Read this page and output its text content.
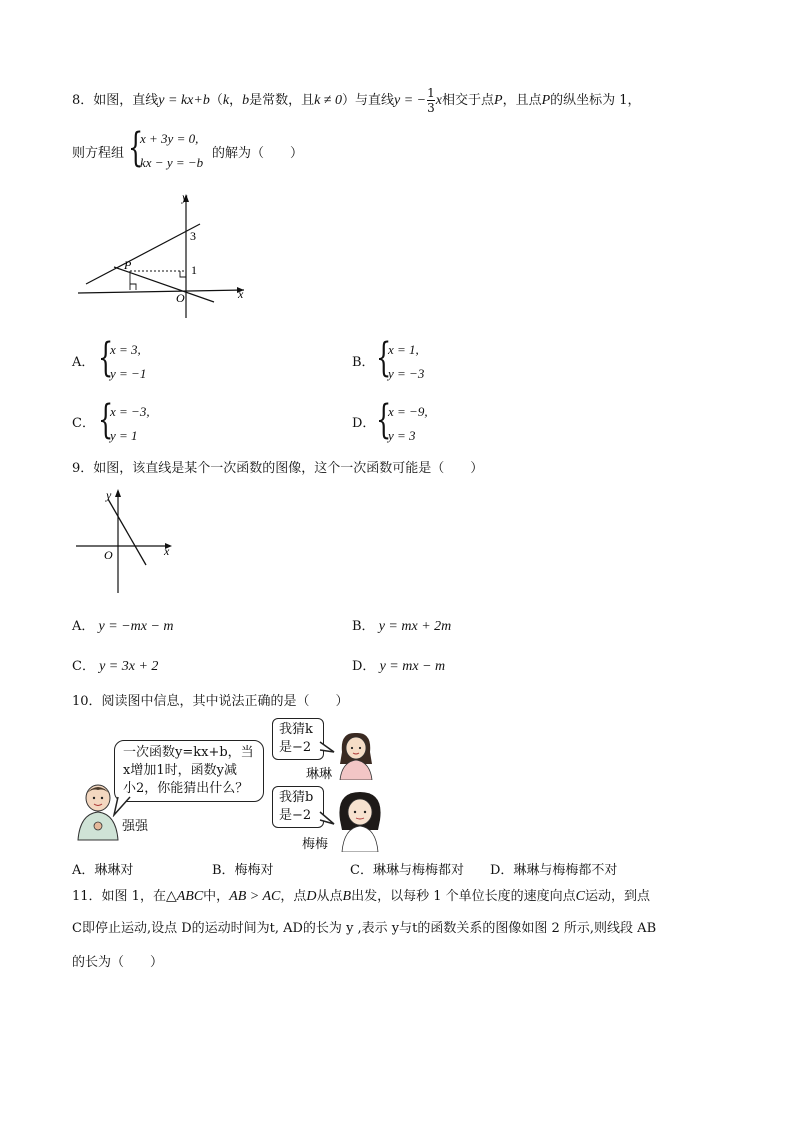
8．如图，直线y = kx+b（k，b是常数，且k ≠ 0）与直线y = − $\frac{1}{3}$ x相交于点P，且点P的纵坐标为 1，
则方程组 {
x + 3y = 0,
kx − y = −b
的解为（　　）
y
x
O
P
3
1
A． {
x = 3,
y = −1
B． {
x = 1,
y = −3
C． {
x = −3,
y = 1
D． {
x = −9,
y = 3
9．如图，该直线是某个一次函数的图像，这个一次函数可能是（　　）
y
x
O
A． y = −mx − m	B． y = mx + 2m
C． y = 3x + 2	D． y = mx − m
10．阅读图中信息，其中说法正确的是（　　）
一次函数y=kx+b，当
x增加1时，函数y减
小2，你能猜出什么？
强强
我猜k
是−2
琳琳
我猜b
是−2
梅梅
A．琳琳对	B．梅梅对	C．琳琳与梅梅都对 D．琳琳与梅梅都不对
11．如图 1，在△ABC中，AB > AC，点D从点B出发，以每秒 1 个单位长度的速度向点C运动，到点
C即停止运动,设点 D的运动时间为t, AD的长为 y ,表示 y与t的函数关系的图像如图 2 所示,则线段 AB
的长为（　　）
